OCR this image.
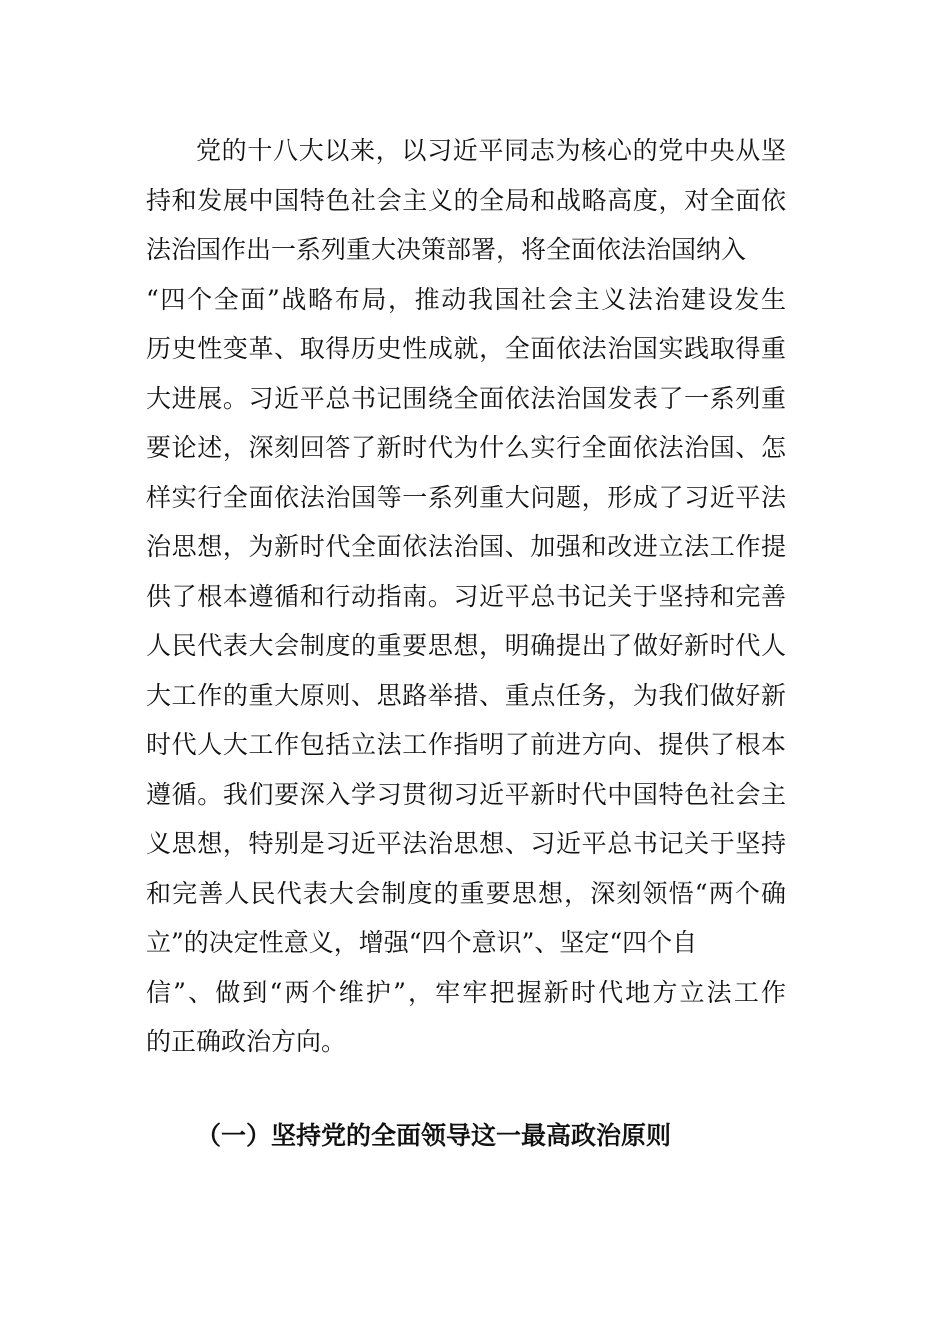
党的十八大以来，以习近平同志为核心的党中央从坚
持和发展中国特色社会主义的全局和战略高度，对全面依
法治国作出一系列重大决策部署，将全面依法治国纳入
“四个全面”战略布局，推动我国社会主义法治建设发生
历史性变革、取得历史性成就，全面依法治国实践取得重
大进展。习近平总书记围绕全面依法治国发表了一系列重
要论述，深刻回答了新时代为什么实行全面依法治国、怎
样实行全面依法治国等一系列重大问题，形成了习近平法
治思想，为新时代全面依法治国、加强和改进立法工作提
供了根本遵循和行动指南。习近平总书记关于坚持和完善
人民代表大会制度的重要思想，明确提出了做好新时代人
大工作的重大原则、思路举措、重点任务，为我们做好新
时代人大工作包括立法工作指明了前进方向、提供了根本
遵循。我们要深入学习贯彻习近平新时代中国特色社会主
义思想，特别是习近平法治思想、习近平总书记关于坚持
和完善人民代表大会制度的重要思想，深刻领悟“两个确
立”的决定性意义，增强“四个意识”、坚定“四个自
信”、做到“两个维护”，牢牢把握新时代地方立法工作
的正确政治方向。
（一）坚持党的全面领导这一最高政治原则
